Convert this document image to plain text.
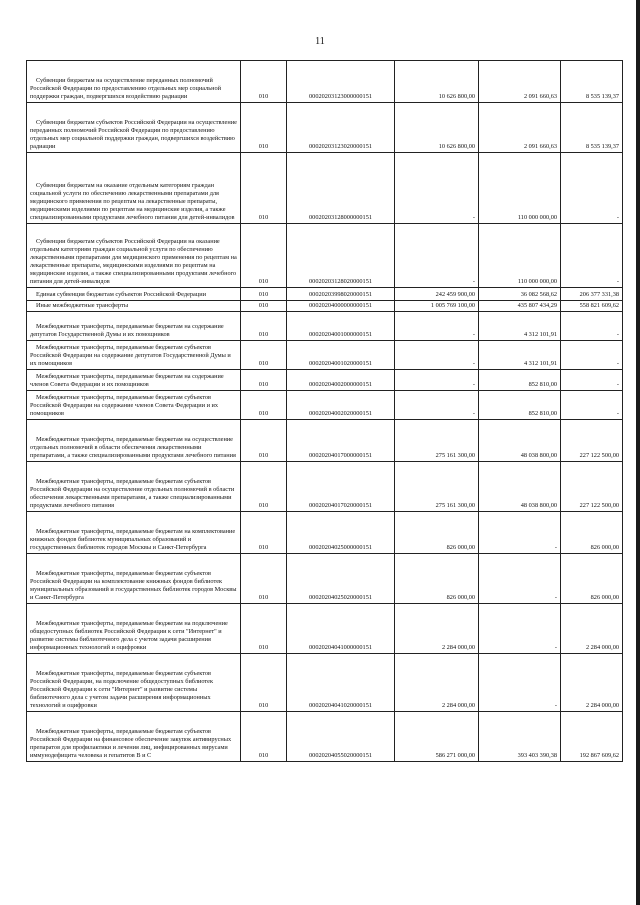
11
Субвенции бюджетам на осуществление переданных полномочий Российской Федерации по предоставлению отдельных мер социальной поддержки граждан, подвергшихся воздействию радиации	010	00020203123000000151	10 626 800,00	2 091 660,63	8 535 139,37
Субвенции бюджетам субъектов Российской Федерации на осуществление переданных полномочий Российской Федерации по предоставлению отдельных мер социальной поддержки граждан, подвергшихся воздействию радиации	010	00020203123020000151	10 626 800,00	2 091 660,63	8 535 139,37
Субвенции бюджетам на оказание отдельным категориям граждан социальной услуги по обеспечению лекарственными препаратами для медицинского применения по рецептам на лекарственные препараты, медицинскими изделиями по рецептам на медицинские изделия, а также специализированными продуктами лечебного питания для детей-инвалидов	010	00020203128000000151	-	110 000 000,00	-
Субвенции бюджетам субъектов Российской Федерации на оказание отдельным категориям граждан социальной услуги по обеспечению лекарственными препаратами для медицинского применения по рецептам на лекарственные препараты, медицинскими изделиями по рецептам на медицинские изделия, а также специализированными продуктами лечебного питания для детей-инвалидов	010	00020203128020000151	-	110 000 000,00	-
Единая субвенция бюджетам субъектов Российской Федерации	010	00020203998020000151	242 459 900,00	36 082 568,62	206 377 331,38
Иные межбюджетные трансферты	010	00020204000000000151	1 005 769 100,00	435 807 434,29	558 821 609,62
Межбюджетные трансферты, передаваемые бюджетам на содержание депутатов Государственной Думы и их помощников	010	00020204001000000151	-	4 312 101,91	-
Межбюджетные трансферты, передаваемые бюджетам субъектов Российской Федерации на содержание депутатов Государственной Думы и их помощников	010	00020204001020000151	-	4 312 101,91	-
Межбюджетные трансферты, передаваемые бюджетам на содержание членов Совета Федерации и их помощников	010	00020204002000000151	-	852 810,00	-
Межбюджетные трансферты, передаваемые бюджетам субъектов Российской Федерации на содержание членов Совета Федерации и их помощников	010	00020204002020000151	-	852 810,00	-
Межбюджетные трансферты, передаваемые бюджетам на осуществление отдельных полномочий в области обеспечения лекарственными препаратами, а также специализированными продуктами лечебного питания	010	00020204017000000151	275 161 300,00	48 038 800,00	227 122 500,00
Межбюджетные трансферты, передаваемые бюджетам субъектов Российской Федерации на осуществление отдельных полномочий в области обеспечения лекарственными препаратами, а также специализированными продуктами лечебного питания	010	00020204017020000151	275 161 300,00	48 038 800,00	227 122 500,00
Межбюджетные трансферты, передаваемые бюджетам на комплектование книжных фондов библиотек муниципальных образований и государственных библиотек городов Москвы и Санкт-Петербурга	010	00020204025000000151	826 000,00	-	826 000,00
Межбюджетные трансферты, передаваемые бюджетам субъектов Российской Федерации на комплектование книжных фондов библиотек муниципальных образований и государственных библиотек городов Москвы и Санкт-Петербурга	010	00020204025020000151	826 000,00	-	826 000,00
Межбюджетные трансферты, передаваемые бюджетам на подключение общедоступных библиотек Российской Федерации к сети "Интернет" и развитие системы библиотечного дела с учетом задачи расширения информационных технологий и оцифровки	010	00020204041000000151	2 284 000,00	-	2 284 000,00
Межбюджетные трансферты, передаваемые бюджетам субъектов Российской Федерации, на подключение общедоступных библиотек Российской Федерации к сети "Интернет" и развитие системы библиотечного дела с учетом задачи расширения информационных технологий и оцифровки	010	00020204041020000151	2 284 000,00	-	2 284 000,00
Межбюджетные трансферты, передаваемые бюджетам субъектов Российской Федерации на финансовое обеспечение закупок антивирусных препаратов для профилактики и лечения лиц, инфицированных вирусами иммунодефицита человека и гепатитов B и C	010	00020204055020000151	586 271 000,00	393 403 390,38	192 867 609,62
